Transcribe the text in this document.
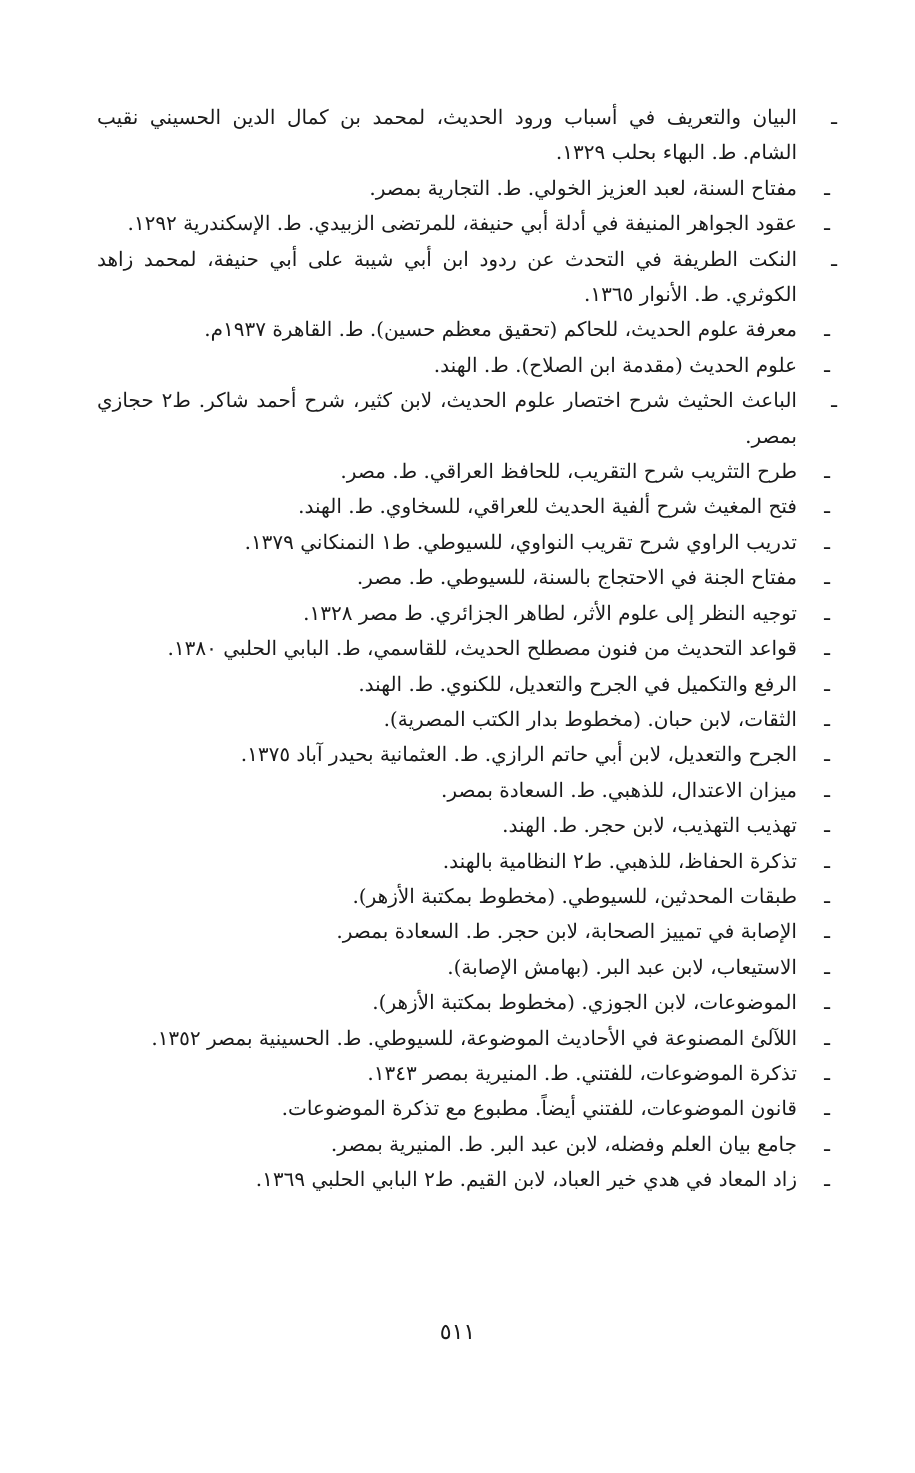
ـ
البيان والتعريف في أسباب ورود الحديث، لمحمد بن كمال الدين الحسيني نقيب الشام. ط. البهاء بحلب ١٣٢٩.
ـ
مفتاح السنة، لعبد العزيز الخولي. ط. التجارية بمصر.
ـ
عقود الجواهر المنيفة في أدلة أبي حنيفة، للمرتضى الزبيدي. ط. الإسكندرية ١٢٩٢.
ـ
النكت الطريفة في التحدث عن ردود ابن أبي شيبة على أبي حنيفة، لمحمد زاهد الكوثري. ط. الأنوار ١٣٦٥.
ـ
معرفة علوم الحديث، للحاكم (تحقيق معظم حسين). ط. القاهرة ١٩٣٧م.
ـ
علوم الحديث (مقدمة ابن الصلاح). ط. الهند.
ـ
الباعث الحثيث شرح اختصار علوم الحديث، لابن كثير، شرح أحمد شاكر. ط٢ حجازي بمصر.
ـ
طرح التثريب شرح التقريب، للحافظ العراقي. ط. مصر.
ـ
فتح المغيث شرح ألفية الحديث للعراقي، للسخاوي. ط. الهند.
ـ
تدريب الراوي شرح تقريب النواوي، للسيوطي. ط١ النمنكاني ١٣٧٩.
ـ
مفتاح الجنة في الاحتجاج بالسنة، للسيوطي. ط. مصر.
ـ
توجيه النظر إلى علوم الأثر، لطاهر الجزائري. ط مصر ١٣٢٨.
ـ
قواعد التحديث من فنون مصطلح الحديث، للقاسمي، ط. البابي الحلبي ١٣٨٠.
ـ
الرفع والتكميل في الجرح والتعديل، للكنوي. ط. الهند.
ـ
الثقات، لابن حبان. (مخطوط بدار الكتب المصرية).
ـ
الجرح والتعديل، لابن أبي حاتم الرازي. ط. العثمانية بحيدر آباد ١٣٧٥.
ـ
ميزان الاعتدال، للذهبي. ط. السعادة بمصر.
ـ
تهذيب التهذيب، لابن حجر. ط. الهند.
ـ
تذكرة الحفاظ، للذهبي. ط٢ النظامية بالهند.
ـ
طبقات المحدثين، للسيوطي. (مخطوط بمكتبة الأزهر).
ـ
الإصابة في تمييز الصحابة، لابن حجر. ط. السعادة بمصر.
ـ
الاستيعاب، لابن عبد البر. (بهامش الإصابة).
ـ
الموضوعات، لابن الجوزي. (مخطوط بمكتبة الأزهر).
ـ
اللآلئ المصنوعة في الأحاديث الموضوعة، للسيوطي. ط. الحسينية بمصر ١٣٥٢.
ـ
تذكرة الموضوعات، للفتني. ط. المنيرية بمصر ١٣٤٣.
ـ
قانون الموضوعات، للفتني أيضاً. مطبوع مع تذكرة الموضوعات.
ـ
جامع بيان العلم وفضله، لابن عبد البر. ط. المنيرية بمصر.
ـ
زاد المعاد في هدي خير العباد، لابن القيم. ط٢ البابي الحلبي ١٣٦٩.
٥١١
